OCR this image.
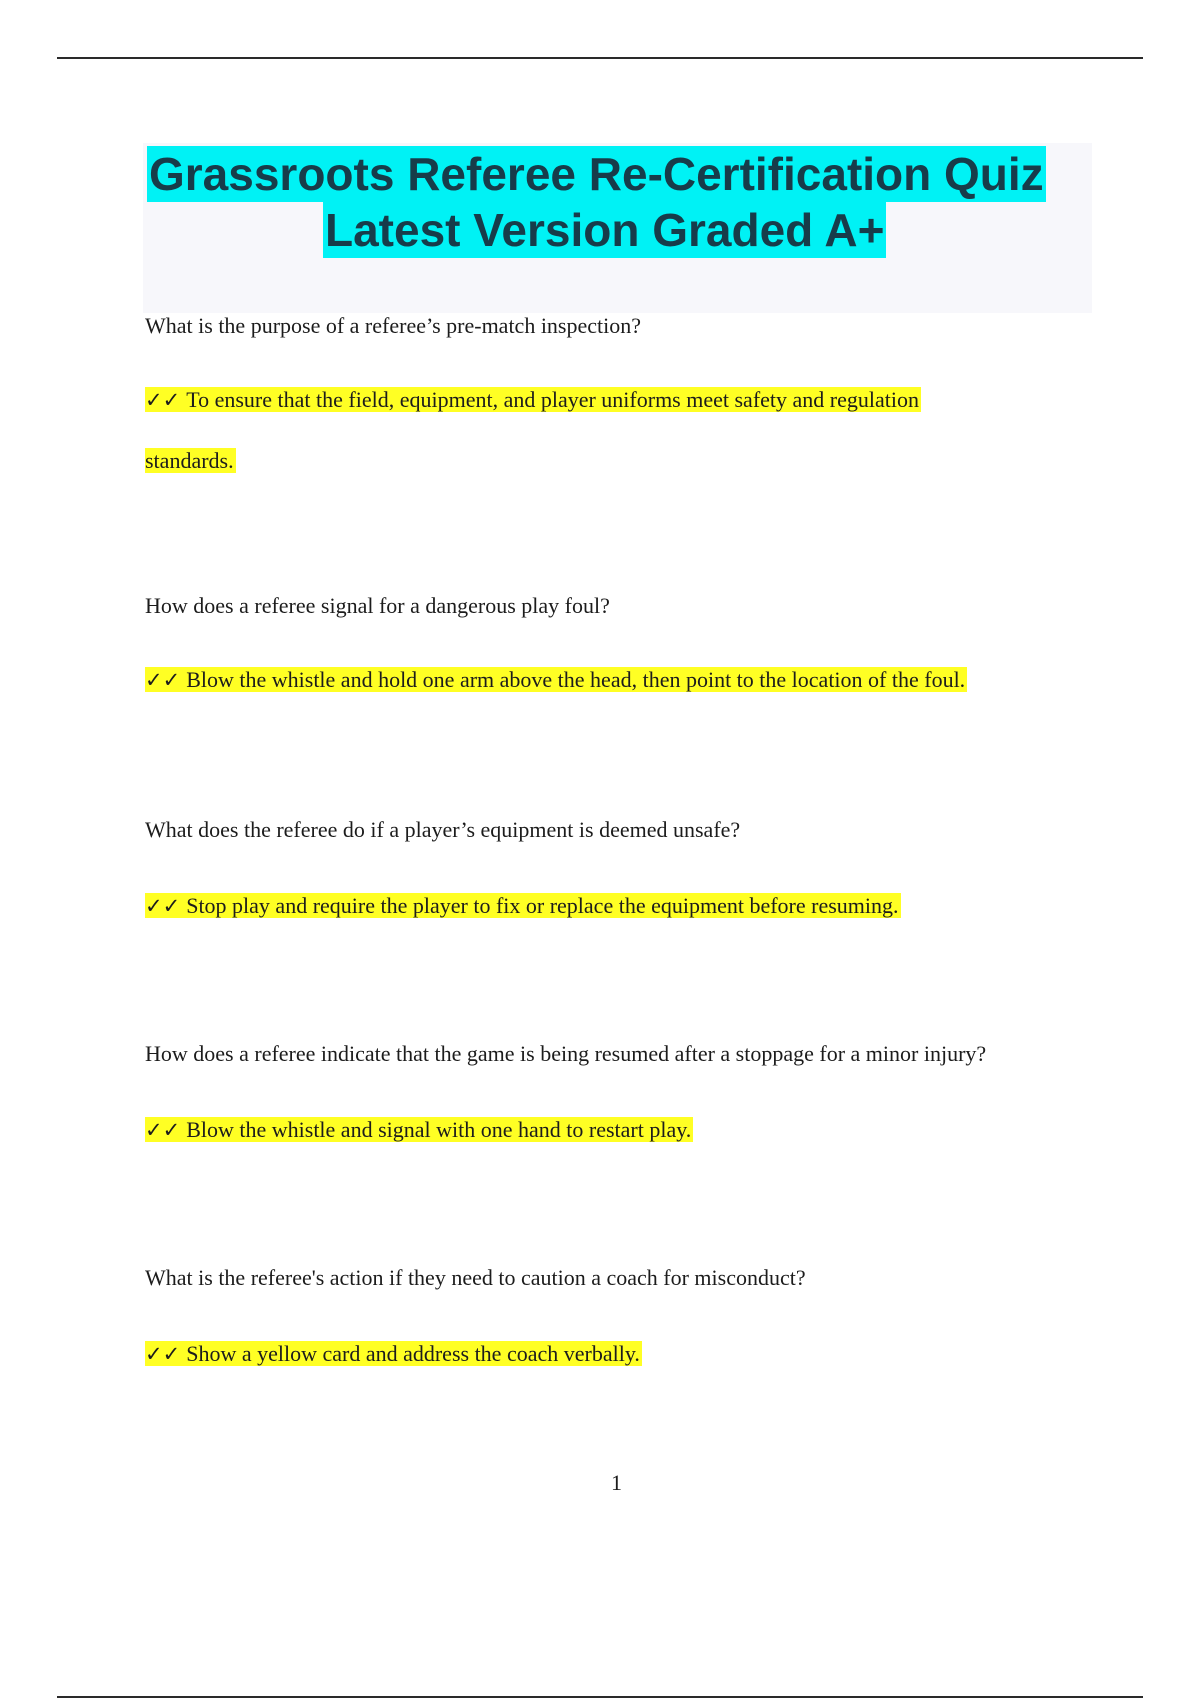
Grassroots Referee Re-Certification Quiz
Latest Version Graded A+
What is the purpose of a referee’s pre-match inspection?
✓✓ To ensure that the field, equipment, and player uniforms meet safety and regulation
standards.
How does a referee signal for a dangerous play foul?
✓✓ Blow the whistle and hold one arm above the head, then point to the location of the foul.
What does the referee do if a player’s equipment is deemed unsafe?
✓✓ Stop play and require the player to fix or replace the equipment before resuming.
How does a referee indicate that the game is being resumed after a stoppage for a minor injury?
✓✓ Blow the whistle and signal with one hand to restart play.
What is the referee's action if they need to caution a coach for misconduct?
✓✓ Show a yellow card and address the coach verbally.
1
